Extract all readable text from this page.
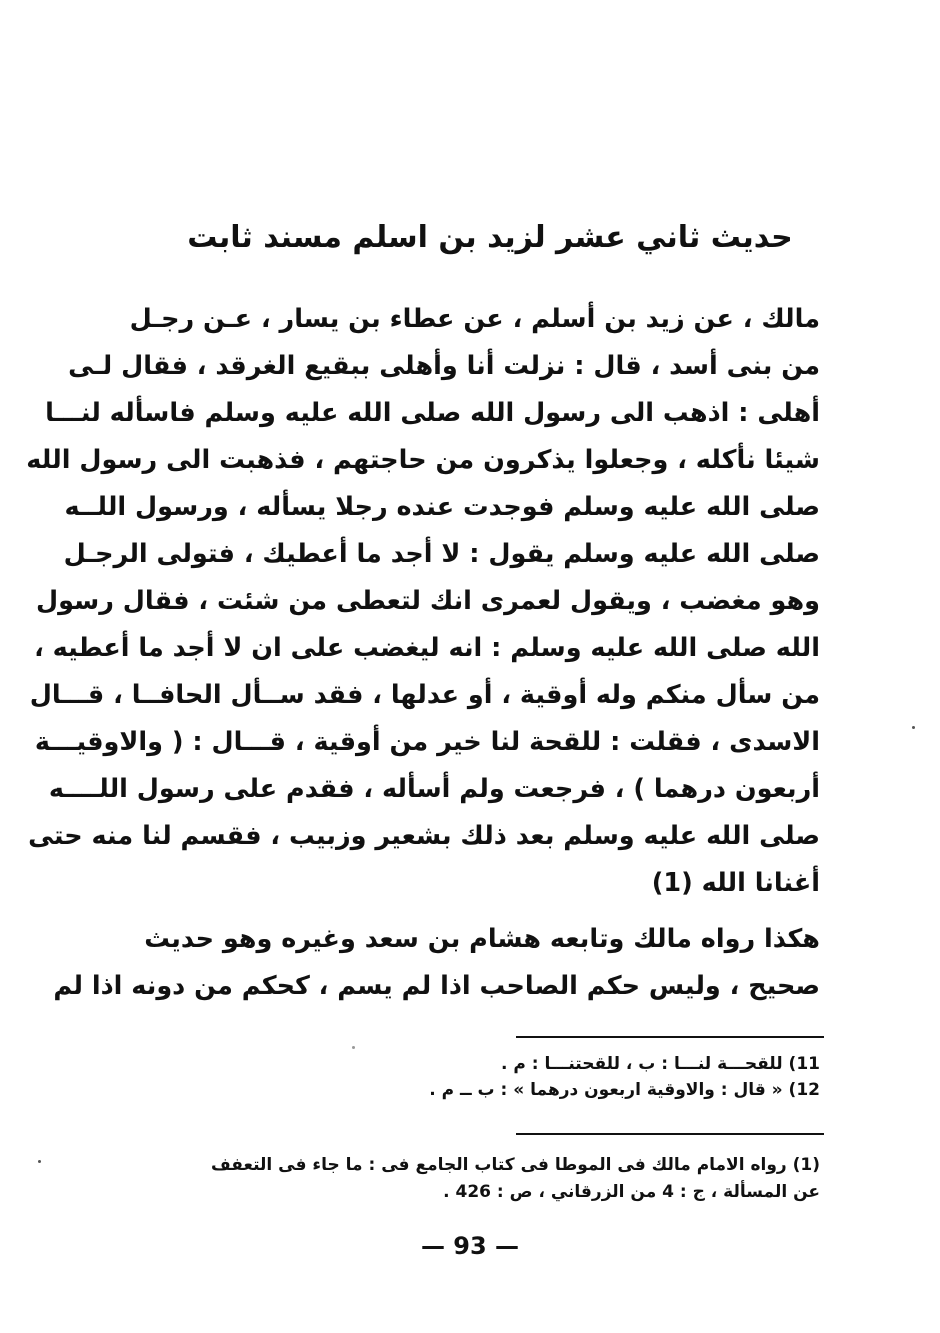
حديث ثاني عشر لزيد بن اسلم مسند ثابت
مالك ، عن زيد بن أسلم ، عن عطاء بن يسار ، عـن رجـل
من بنى أسد ، قال : نزلت أنا وأهلى ببقيع الغرقد ، فقال لـى
أهلى : اذهب الى رسول الله صلى الله عليه وسلم فاسأله لنـــا
شيئا نأكله ، وجعلوا يذكرون من حاجتهم ، فذهبت الى رسول الله
صلى الله عليه وسلم فوجدت عنده رجلا يسأله ، ورسول اللــه
صلى الله عليه وسلم يقول : لا أجد ما أعطيك ، فتولى الرجـل
وهو مغضب ، ويقول لعمرى انك لتعطى من شئت ، فقال رسول
الله صلى الله عليه وسلم : انه ليغضب على ان لا أجد ما أعطيه ،
من سأل منكم وله أوقية ، أو عدلها ، فقد ســأل الحافــا ، قـــال
الاسدى ، فقلت : للقحة لنا خير من أوقية ، قـــال : ( والاوقيـــة
أربعون درهما ) ، فرجعت ولم أسأله ، فقدم على رسول اللــــه
صلى الله عليه وسلم بعد ذلك بشعير وزبيب ، فقسم لنا منه حتى
أغنانا الله (1)
هكذا رواه مالك وتابعه هشام بن سعد وغيره وهو حديث
صحيح ، وليس حكم الصاحب اذا لم يسم ، كحكم من دونه اذا لم
11) للقحـــة لنـــا : ب ، للقحتنـــا : م .
12) « قال : والاوقية اربعون درهما » : ب ــ م .
(1) رواه الامام مالك فى الموطا فى كتاب الجامع فى : ما جاء فى التعفف
عن المسألة ، ج : 4 من الزرقاني ، ص : 426 .
— 93 —
